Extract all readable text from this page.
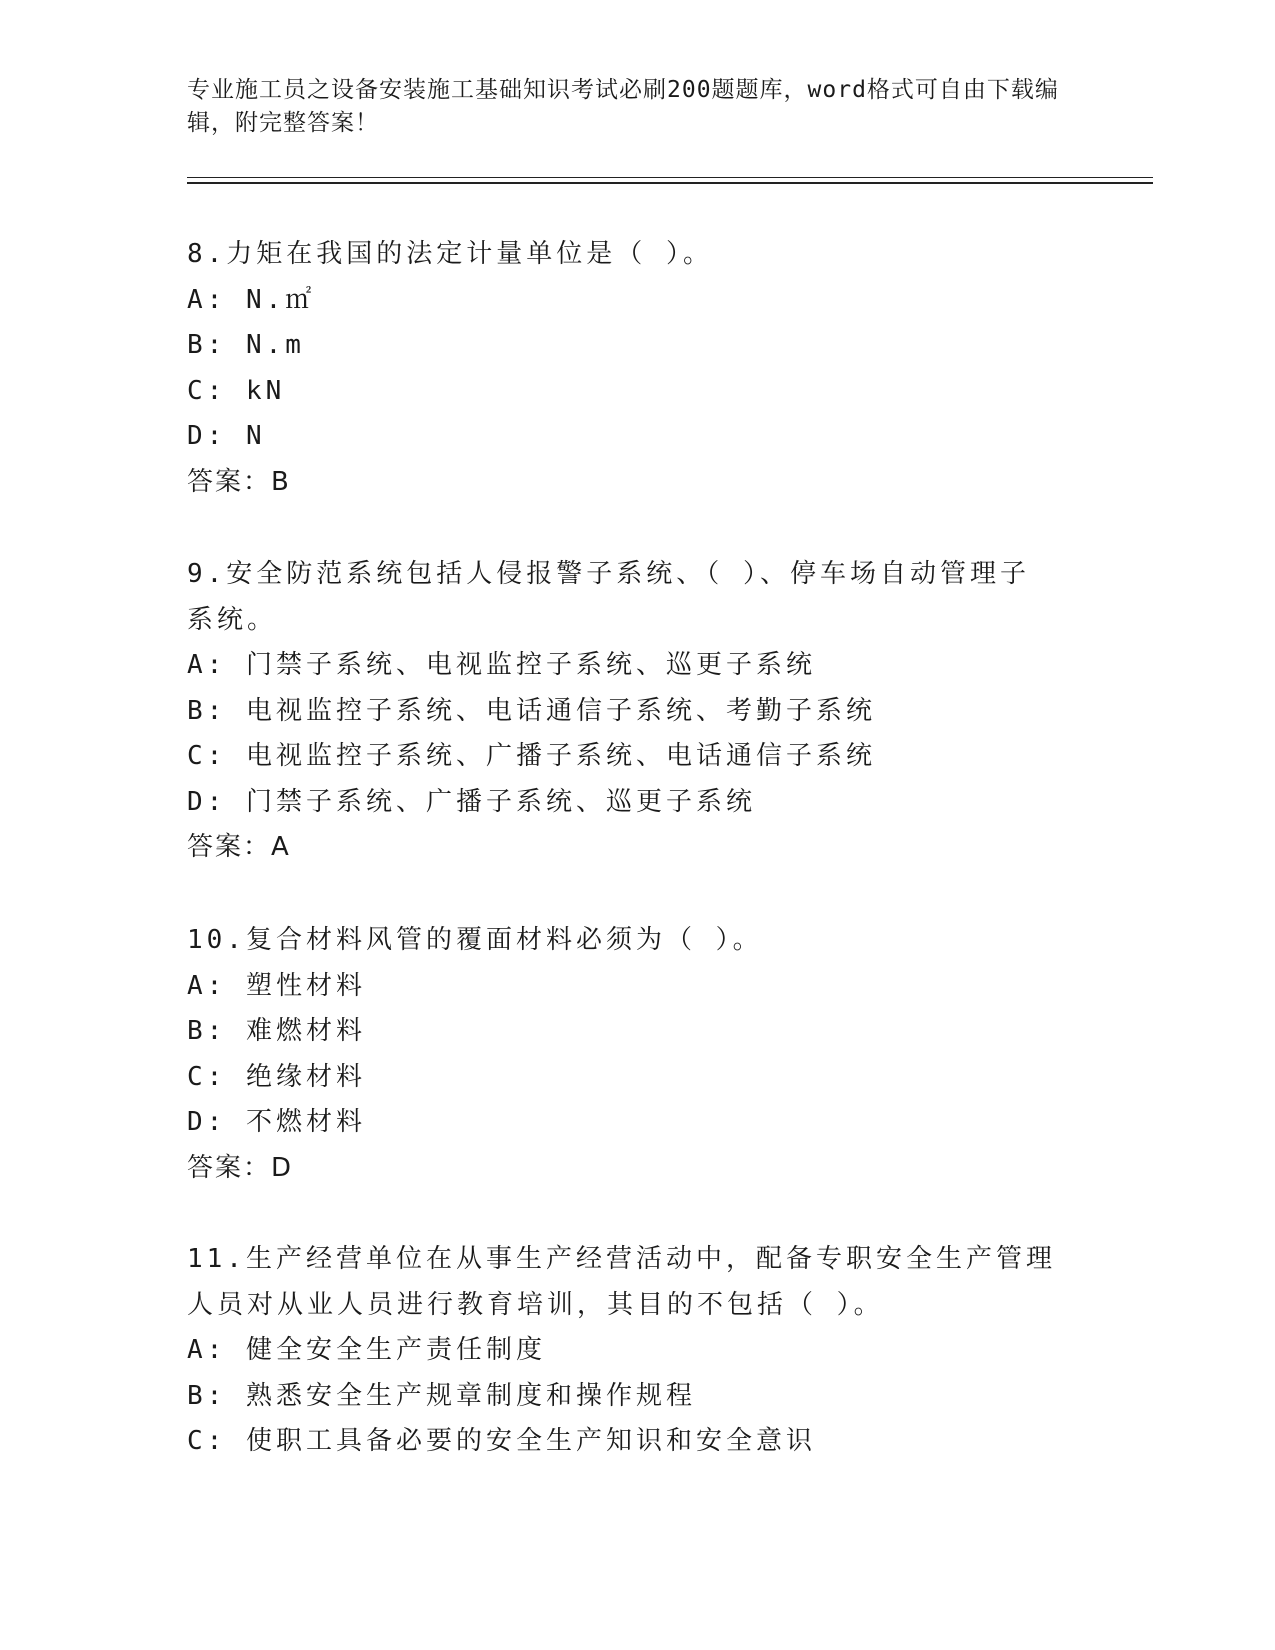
专业施工员之设备安装施工基础知识考试必刷200题题库，word格式可自由下载编辑，附完整答案！
8.力矩在我国的法定计量单位是（ ）。
A: N.㎡
B: N.m
C: kN
D: N
答案：B
9.安全防范系统包括人侵报警子系统、（ ）、停车场自动管理子系统。
A: 门禁子系统、电视监控子系统、巡更子系统
B: 电视监控子系统、电话通信子系统、考勤子系统
C: 电视监控子系统、广播子系统、电话通信子系统
D: 门禁子系统、广播子系统、巡更子系统
答案：A
10.复合材料风管的覆面材料必须为（ ）。
A: 塑性材料
B: 难燃材料
C: 绝缘材料
D: 不燃材料
答案：D
11.生产经营单位在从事生产经营活动中，配备专职安全生产管理人员对从业人员进行教育培训，其目的不包括（ ）。
A: 健全安全生产责任制度
B: 熟悉安全生产规章制度和操作规程
C: 使职工具备必要的安全生产知识和安全意识
